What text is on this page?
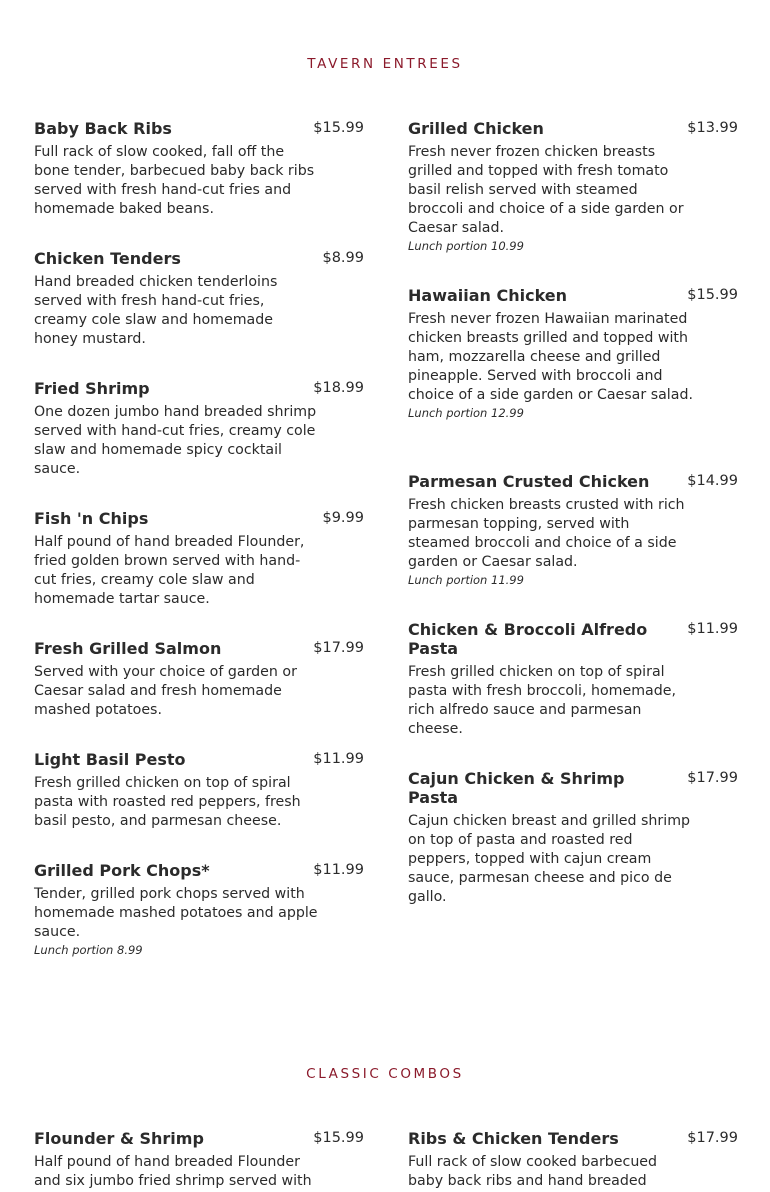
TAVERN ENTREES
Baby Back Ribs	$15.99
Full rack of slow cooked, fall off the bone tender, barbecued baby back ribs served with fresh hand-cut fries and homemade baked beans.
Chicken Tenders	$8.99
Hand breaded chicken tenderloins served with fresh hand-cut fries, creamy cole slaw and homemade honey mustard.
Fried Shrimp	$18.99
One dozen jumbo hand breaded shrimp served with hand-cut fries, creamy cole slaw and homemade spicy cocktail sauce.
Fish 'n Chips	$9.99
Half pound of hand breaded Flounder, fried golden brown served with hand-cut fries, creamy cole slaw and homemade tartar sauce.
Fresh Grilled Salmon	$17.99
Served with your choice of garden or Caesar salad and fresh homemade mashed potatoes.
Light Basil Pesto	$11.99
Fresh grilled chicken on top of spiral pasta with roasted red peppers, fresh basil pesto, and parmesan cheese.
Grilled Pork Chops*	$11.99
Tender, grilled pork chops served with homemade mashed potatoes and apple sauce.
Lunch portion 8.99
Grilled Chicken	$13.99
Fresh never frozen chicken breasts grilled and topped with fresh tomato basil relish served with steamed broccoli and choice of a side garden or Caesar salad.
Lunch portion 10.99
Hawaiian Chicken	$15.99
Fresh never frozen Hawaiian marinated chicken breasts grilled and topped with ham, mozzarella cheese and grilled pineapple. Served with broccoli and choice of a side garden or Caesar salad.
Lunch portion 12.99
Parmesan Crusted Chicken	$14.99
Fresh chicken breasts crusted with rich parmesan topping, served with steamed broccoli and choice of a side garden or Caesar salad.
Lunch portion 11.99
Chicken & Broccoli Alfredo Pasta
$11.99
Fresh grilled chicken on top of spiral pasta with fresh broccoli, homemade, rich alfredo sauce and parmesan cheese.
Cajun Chicken & Shrimp Pasta
$17.99
Cajun chicken breast and grilled shrimp on top of pasta and roasted red peppers, topped with cajun cream sauce, parmesan cheese and pico de gallo.
CLASSIC COMBOS
Flounder & Shrimp	$15.99
Half pound of hand breaded Flounder and six jumbo fried shrimp served with
Ribs & Chicken Tenders	$17.99
Full rack of slow cooked barbecued baby back ribs and hand breaded
